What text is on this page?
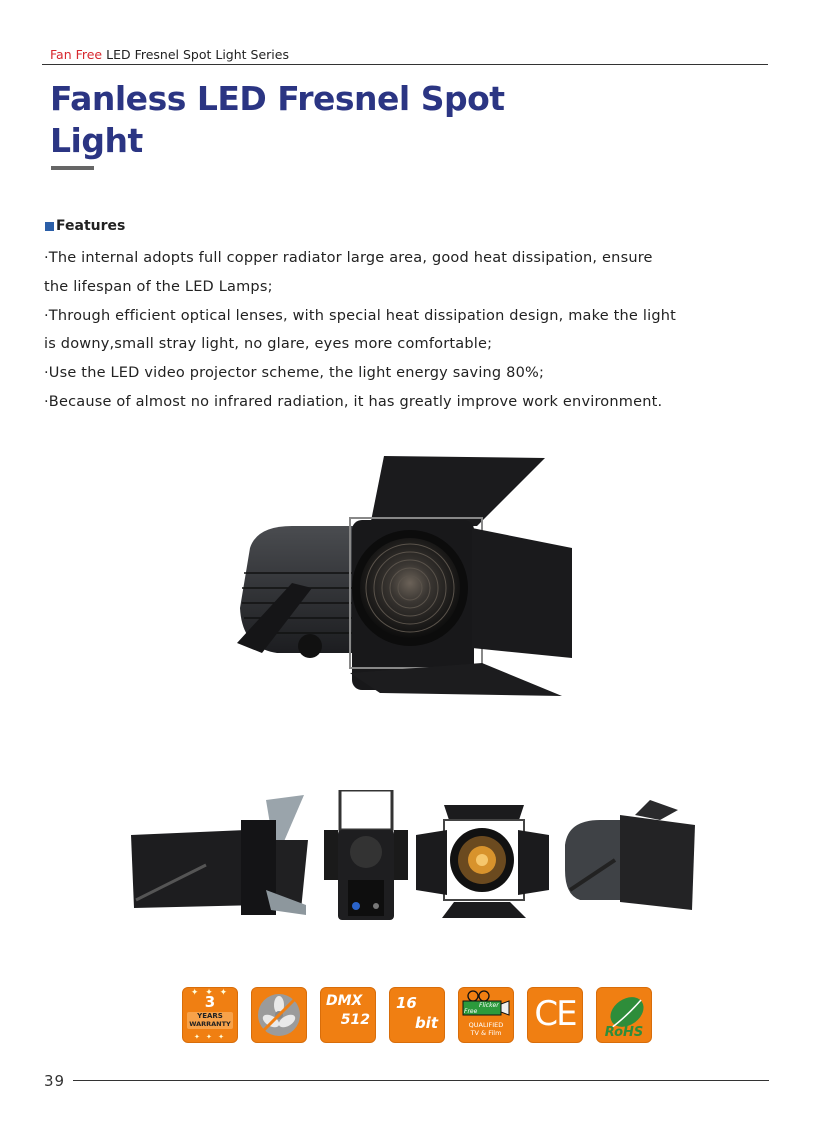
Fan Free LED Fresnel Spot Light Series
Fanless LED Fresnel Spot
Light
Features

·The internal adopts full copper radiator large area, good heat dissipation, ensure

the lifespan of the LED Lamps;

·Through efficient optical lenses, with special heat dissipation design, make the light

is downy,small stray light, no glare, eyes more comfortable;

·Use the LED video projector scheme, the light energy saving 80%;

·Because of almost no infrared radiation, it has greatly improve work environment.

✦ ✦ ✦
3
YEARS
WARRANTY
✦ ✦ ✦
DMX
512
16
bit
Flicker
Free
QUALIFIED
TV & Film CE	RoHS
39
